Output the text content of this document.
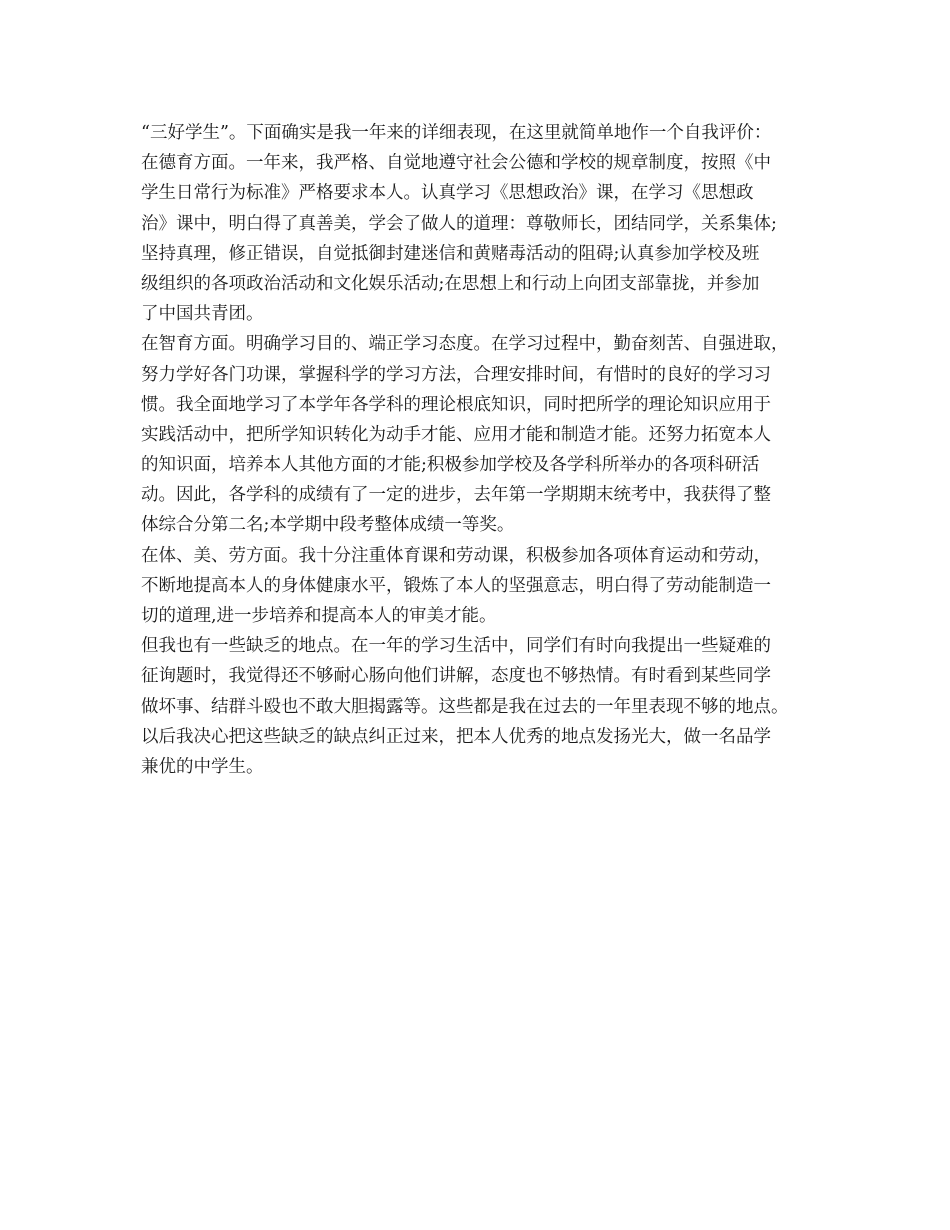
“三好学生”。下面确实是我一年来的详细表现，在这里就简单地作一个自我评价：
在德育方面。一年来，我严格、自觉地遵守社会公德和学校的规章制度，按照《中
学生日常行为标准》严格要求本人。认真学习《思想政治》课，在学习《思想政
治》课中，明白得了真善美，学会了做人的道理：尊敬师长，团结同学，关系集体;
坚持真理，修正错误，自觉抵御封建迷信和黄赌毒活动的阻碍;认真参加学校及班
级组织的各项政治活动和文化娱乐活动;在思想上和行动上向团支部靠拢，并参加
了中国共青团。
在智育方面。明确学习目的、端正学习态度。在学习过程中，勤奋刻苦、自强进取，
努力学好各门功课，掌握科学的学习方法，合理安排时间，有惜时的良好的学习习
惯。我全面地学习了本学年各学科的理论根底知识，同时把所学的理论知识应用于
实践活动中，把所学知识转化为动手才能、应用才能和制造才能。还努力拓宽本人
的知识面，培养本人其他方面的才能;积极参加学校及各学科所举办的各项科研活
动。因此，各学科的成绩有了一定的进步，去年第一学期期末统考中，我获得了整
体综合分第二名;本学期中段考整体成绩一等奖。
在体、美、劳方面。我十分注重体育课和劳动课，积极参加各项体育运动和劳动，
不断地提高本人的身体健康水平，锻炼了本人的坚强意志，明白得了劳动能制造一
切的道理,进一步培养和提高本人的审美才能。
但我也有一些缺乏的地点。在一年的学习生活中，同学们有时向我提出一些疑难的
征询题时，我觉得还不够耐心肠向他们讲解，态度也不够热情。有时看到某些同学
做坏事、结群斗殴也不敢大胆揭露等。这些都是我在过去的一年里表现不够的地点。
以后我决心把这些缺乏的缺点纠正过来，把本人优秀的地点发扬光大，做一名品学
兼优的中学生。
